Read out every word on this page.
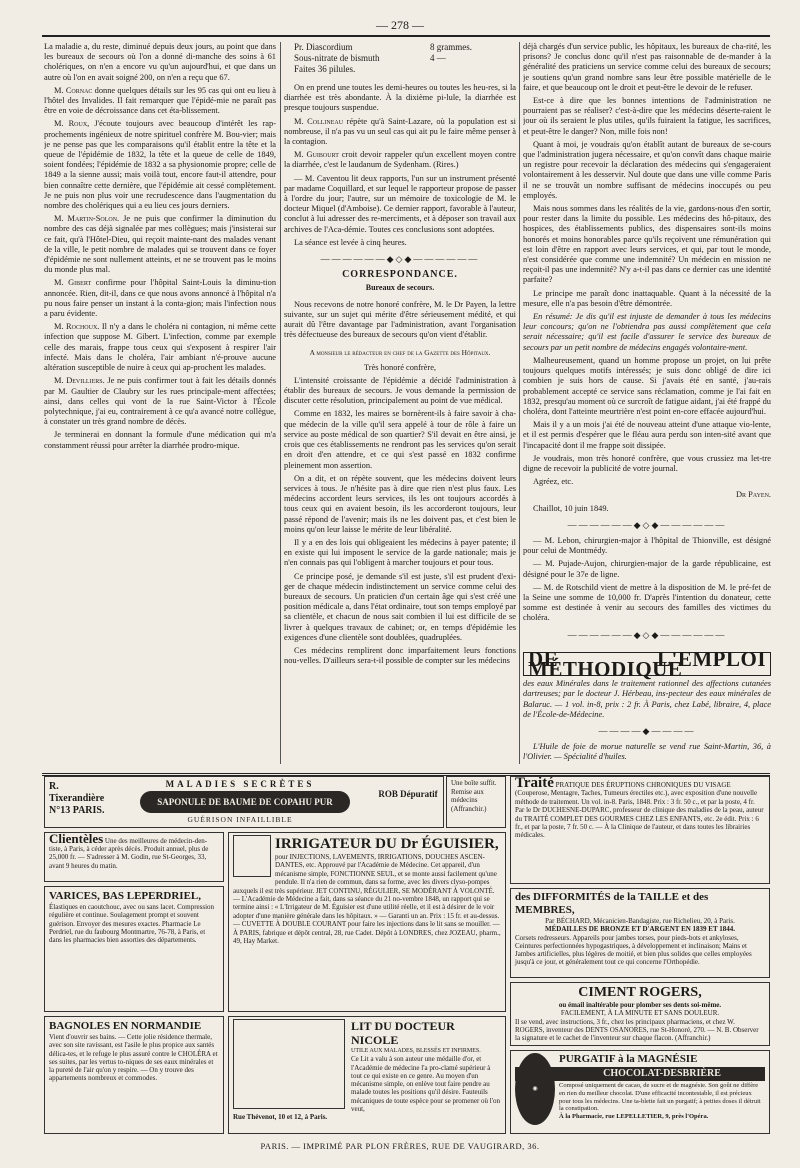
— 278 —

La maladie a, du reste, diminué depuis deux jours, au point que dans les bureaux de secours où l'on a donné di-manche des soins à 61 cholériques, on n'en a encore vu qu'un aujourd'hui, et que dans un autre où l'on en avait soigné 200, on n'en a reçu que 67.

M. Cornac donne quelques détails sur les 95 cas qui ont eu lieu à l'hôtel des Invalides. Il fait remarquer que l'épidé-mie ne paraît pas être en voie de décroissance dans cet éta-blissement.

M. Roux, J'écoute toujours avec beaucoup d'intérêt les rap-prochements ingénieux de notre spirituel confrère M. Bou-vier; mais je ne pense pas que les comparaisons qu'il établit entre la tête et la queue de l'épidémie de 1832, la tête et la queue de celle de 1849, soient fondées; l'épidémie de 1832 a sa physionomie propre; celle de 1849 a la sienne aussi; mais voilà tout, encore faut-il attendre, pour bien connaître cette dernière, que l'épidémie ait cessé complètement. Je ne puis non plus voir une recrudescence dans l'augmentation du nombre des cholériques qui a eu lieu ces jours derniers.

M. Martin-Solon. Je ne puis que confirmer la diminution du nombre des cas déjà signalée par mes collègues; mais j'insisterai sur ce fait, qu'à l'Hôtel-Dieu, qui reçoit mainte-nant des malades venant de la ville, le petit nombre de malades qui se trouvent dans ce foyer d'épidémie ne sont nullement atteints, et ne se trouvent pas le moins du monde plus mal.

M. Gibert confirme pour l'hôpital Saint-Louis la diminu-tion annoncée. Rien, dit-il, dans ce que nous avons annoncé à l'hôpital n'a pu nous faire penser un instant à la conta-gion; mais l'infection nous a paru évidente.

M. Rochoux. Il n'y a dans le choléra ni contagion, ni même cette infection que suppose M. Gibert. L'infection, comme par exemple celle des marais, frappe tous ceux qui s'exposent à respirer l'air infecté. Mais dans le choléra, l'air ambiant n'é-prouve aucune altération susceptible de nuire à ceux qui ap-prochent les malades.

M. Devilliers. Je ne puis confirmer tout à fait les détails donnés par M. Gaultier de Claubry sur les rues principale-ment affectées; ainsi, dans celles qui vont de la rue Saint-Victor à l'École polytechnique, j'ai eu, contrairement à ce qu'a avancé notre collègue, à constater un très grand nombre de décès.

Je terminerai en donnant la formule d'une médication qui m'a constamment réussi pour arrêter la diarrhée prodro-mique.

Pr. Diascordium	8 grammes.
Sous-nitrate de bismuth	4 —
Faites 36 pilules.

On en prend une toutes les demi-heures ou toutes les heu-res, si la diarrhée est très abondante. À la dixième pi-lule, la diarrhée est presque toujours suspendue.

M. Collineau répète qu'à Saint-Lazare, où la population est si nombreuse, il n'a pas vu un seul cas qui ait pu le faire même penser à la contagion.

M. Guibourt croit devoir rappeler qu'un excellent moyen contre la diarrhée, c'est le laudanum de Sydenham. (Rires.)

— M. Caventou lit deux rapports, l'un sur un instrument présenté par madame Coquillard, et sur lequel le rapporteur propose de passer à l'ordre du jour; l'autre, sur un mémoire de toxicologie de M. le docteur Miquel (d'Amboise). Ce dernier rapport, favorable à l'auteur, conclut à lui adresser des re-merciments, et à déposer son travail aux archives de l'Aca-démie. Toutes ces conclusions sont adoptées.

La séance est levée à cinq heures.

——————◆◇◆——————
CORRESPONDANCE.
Bureaux de secours.

Nous recevons de notre honoré confrère, M. le Dr Payen, la lettre suivante, sur un sujet qui mérite d'être sérieusement médité, et qui aurait dû l'être davantage par l'administration, avant l'organisation très défectueuse des bureaux de secours qu'on vient d'établir.

A monsieur le rédacteur en chef de la Gazette des Hôpitaux.

Très honoré confrère,

L'intensité croissante de l'épidémie a décidé l'administration à établir des bureaux de secours. Je vous demande la permission de discuter cette résolution, principalement au point de vue médical.

Comme en 1832, les maires se bornèrent-ils à faire savoir à cha-que médecin de la ville qu'il sera appelé à tour de rôle à faire un service au poste médical de son quartier? S'il devait en être ainsi, je crois que ces établissements ne rendront pas les services qu'on serait en droit d'en attendre, et ce qui s'est passé en 1832 confirme pleinement mon assertion.

On a dit, et on répète souvent, que les médecins doivent leurs services à tous. Je n'hésite pas à dire que rien n'est plus faux. Les médecins accordent leurs services, ils les ont toujours accordés à tous ceux qui en avaient besoin, ils les accorderont toujours, leur passé répond de l'avenir; mais ils ne les doivent pas, et c'est bien le moins qu'on leur laisse le mérite de leur libéralité.

Il y a en des lois qui obligeaient les médecins à payer patente; il en existe qui lui imposent le service de la garde nationale; mais je n'en connais pas qui l'obligent à marcher toujours et pour tous.

Ce principe posé, je demande s'il est juste, s'il est prudent d'exi-ger de chaque médecin indistinctement un service comme celui des bureaux de secours. Un praticien d'un certain âge qui s'est créé une position médicale a, dans l'état ordinaire, tout son temps employé par sa clientèle, et chacun de nous sait combien il lui est difficile de se livrer à quelques travaux de cabinet; or, en temps d'épidémie les exigences d'une clientèle sont doublées, quadruplées.

Ces médecins remplirent donc imparfaitement leurs fonctions nou-velles. D'ailleurs sera-t-il possible de compter sur les médecins

déjà chargés d'un service public, les hôpitaux, les bureaux de cha-rité, les prisons? Je conclus donc qu'il n'est pas raisonnable de de-mander à la généralité des praticiens un service comme celui des bureaux de secours; je soutiens qu'un grand nombre sans leur être possible matérielle de le faire, et que beaucoup ont le droit et peut-être le devoir de le refuser.

Est-ce à dire que les bonnes intentions de l'administration ne pourraient pas se réaliser? c'est-à-dire que les médecins déserte-raient le jour où ils seraient le plus utiles, qu'ils fuiraient la fatigue, les sacrifices, et peut-être le danger? Non, mille fois non!

Quant à moi, je voudrais qu'on établît autant de bureaux de se-cours que l'administration jugera nécessaire, et qu'on convît dans chaque mairie un registre pour recevoir la déclaration des médecins qui s'engageraient volontairement à les desservir. Nul doute que dans une ville comme Paris il ne se trouvât un nombre suffisant de médecins inoccupés ou peu employés.

Mais nous sommes dans les réalités de la vie, gardons-nous d'en sortir, pour rester dans la limite du possible. Les médecins des hô-pitaux, des hospices, des établissements publics, des dispensaires sont-ils moins honorés et moins honorables parce qu'ils reçoivent une rémunération qui est loin d'être en rapport avec leurs services, et qui, par tout le monde, n'est considérée que comme une indemnité? Un médecin en mission ne reçoit-il pas une indemnité? N'y a-t-il pas dans ce dernier cas une identité parfaite?

Le principe me paraît donc inattaquable. Quant à la nécessité de la mesure, elle n'a pas besoin d'être démontrée.

En résumé: Je dis qu'il est injuste de demander à tous les médecins leur concours; qu'on ne l'obtiendra pas aussi complètement que cela serait nécessaire; qu'il est facile d'assurer le service des bureaux de secours par un petit nombre de médecins engagés volontaire-ment.

Malheureusement, quand un homme propose un projet, on lui prête toujours quelques motifs intéressés; je suis donc obligé de dire ici combien je suis hors de cause. Si j'avais été en santé, j'au-rais probablement accepté ce service sans réclamation, comme je l'ai fait en 1832, presqu'au moment où ce surcroît de fatigue aidant, j'ai été frappé du choléra, dont l'atteinte meurtrière n'est point en-core effacée aujourd'hui.

Mais il y a un mois j'ai été de nouveau atteint d'une attaque vio-lente, et il est permis d'espérer que le fléau aura perdu son inten-sité avant que l'incapacité dont il me frappe soit dissipée.

Je voudrais, mon très honoré confrère, que vous crussiez ma let-tre digne de recevoir la publicité de votre journal.

Agréez, etc.

Dr Payen.

Chaillot, 10 juin 1849.

——————◆◇◆——————

— M. Lebon, chirurgien-major à l'hôpital de Thionville, est désigné pour celui de Montmédy.

— M. Pujade-Aujon, chirurgien-major de la garde républicaine, est désigné pour le 37e de ligne.

— M. de Rotschild vient de mettre à la disposition de M. le pré-fet de la Seine une somme de 10,000 fr. D'après l'intention du donateur, cette somme est destinée à venir au secours des familles des victimes du choléra.

——————◆◇◆——————
DE L'EMPLOI MÉTHODIQUE

des eaux Minérales dans le traitement rationnel des affections cutanées dartreuses; par le docteur J. Hérbeau, ins-pecteur des eaux minérales de Balaruc. — 1 vol. in-8, prix : 2 fr. À Paris, chez Labé, libraire, 4, place de l'École-de-Médecine.

————◆————

L'Huile de foie de morue naturelle se vend rue Saint-Martin, 36, à l'Olivier. — Spécialité d'huiles.

R. Tixerandière N°13 PARIS.
MALADIES SECRÈTES
SAPONULE DE BAUME DE COPAHU PUR
GUÉRISON INFAILLIBLE
ROB Dépuratif
Une boîte suffit. Remise aux médecins (Affranchir.)
Traité PRATIQUE DES ÉRUPTIONS CHRONIQUES DU VISAGE (Couperose, Mentagre, Taches, Tumeurs érectiles etc.), avec exposition d'une nouvelle méthode de traitement. Un vol. in-8. Paris, 1848. Prix : 3 fr. 50 c., et par la poste, 4 fr. Par le Dr DUCHESNE-DUPARC, professeur de clinique des maladies de la peau, auteur du TRAITÉ COMPLET DES GOURMES CHEZ LES ENFANTS, etc. 2e édit. Prix : 6 fr., et par la poste, 7 fr. 50 c. — À la Clinique de l'auteur, et dans toutes les librairies médicales.
Clientèles Une des meilleures de médecin-den-tiste, à Paris, à céder après décès. Produit annuel, plus de 25,000 fr. — S'adresser à M. Godin, rue St-Georges, 33, avant 9 heures du matin.
IRRIGATEUR DU Dr ÉGUISIER,
pour INJECTIONS, LAVEMENTS, IRRIGATIONS, DOUCHES ASCEN-DANTES, etc. Approuvé par l'Académie de Médecine. Cet appareil, d'un mécanisme simple, FONCTIONNE SEUL, et se monte aussi facilement qu'une pendule. Il n'a rien de commun, dans sa forme, avec les divers clyso-pompes auxquels il est très supérieur. JET CONTINU, RÉGULIER, SE MODÉRANT À VOLONTÉ. — L'Académie de Médecine a fait, dans sa séance du 21 no-vembre 1848, un rapport qui se termine ainsi : « L'Irrigateur de M. Éguisier est d'une utilité réelle, et il est à désirer de le voir adopter d'une manière générale dans les hôpitaux. » — Garanti un an. Prix : 15 fr. et au-dessus. — CUVETTE À DOUBLE COURANT pour faire les injections dans le lit sans se mouiller. — À PARIS, fabrique et dépôt central, 28, rue Cadet. Dépôt à LONDRES, chez JOZEAU, pharm., 49, Hay Market.
VARICES, BAS LEPERDRIEL,
Élastiques en caoutchouc, avec ou sans lacet. Compression régulière et continue. Soulagement prompt et souvent guérison. Envoyer des mesures exactes. Pharmacie Le Perdriel, rue du faubourg Montmartre, 76-78, à Paris, et dans les pharmacies bien assorties des départements.
des DIFFORMITÉS de la TAILLE et des MEMBRES,
Par BÉCHARD, Mécanicien-Bandagiste, rue Richelieu, 20, à Paris.
MÉDAILLES DE BRONZE ET D'ARGENT EN 1839 ET 1844.
Corsets redresseurs. Appareils pour jambes torses, pour pieds-bots et ankyloses, Ceintures perfectionnées hypogastriques, à développement et inclinaison; Mains et Jambes artificielles, plus légères de moitié, et bien plus solides que celles employées jusqu'à ce jour, et généralement tout ce qui concerne l'Orthopédie.
CIMENT ROGERS,
ou émail inaltérable pour plomber ses dents soi-même.
FACILEMENT, À LA MINUTE ET SANS DOULEUR.
Il se vend, avec instructions, 3 fr., chez les principaux pharmaciens, et chez W. ROGERS, inventeur des DENTS OSANORES, rue St-Honoré, 270. — N. B. Observer la signature et le cachet de l'inventeur sur chaque flacon. (Affranchir.)
BAGNOLES EN NORMANDIE
Vient d'ouvrir ses bains. — Cette jolie résidence thermale, avec son site ravissant, est l'asile le plus propice aux santés délica-tes, et le refuge le plus assuré contre le CHOLÉRA et ses suites, par les vertus to-niques de ses eaux minérales et la pureté de l'air qu'on y respire. — On y trouve des appartements nombreux et commodes.
LIT DU DOCTEUR NICOLE
UTILE AUX MALADES, BLESSÉS ET INFIRMES.
Ce Lit a valu à son auteur une médaille d'or, et l'Académie de médecine l'a pro-clamé supérieur à tout ce qui existe en ce genre. Au moyen d'un mécanisme simple, on enlève tout faire pendre au malade toutes les positions qu'il désire. Fauteuils mécaniques de toute espèce pour se promener où l'on veut,
Rue Thévenot, 10 et 12, à Paris.
◉
PURGATIF à la MAGNÉSIE
CHOCOLAT-DESBRIÈRE
Composé uniquement de cacao, de sucre et de magnésie. Son goût ne diffère en rien du meilleur chocolat. D'une efficacité incontestable, il est précieux pour tous les médecins. Une ta-blette fait un purgatif; à petites doses il détruit la constipation.
À la Pharmacie, rue LEPELLETIER, 9, près l'Opéra.
PARIS. — IMPRIMÉ PAR PLON FRÈRES, RUE DE VAUGIRARD, 36.
